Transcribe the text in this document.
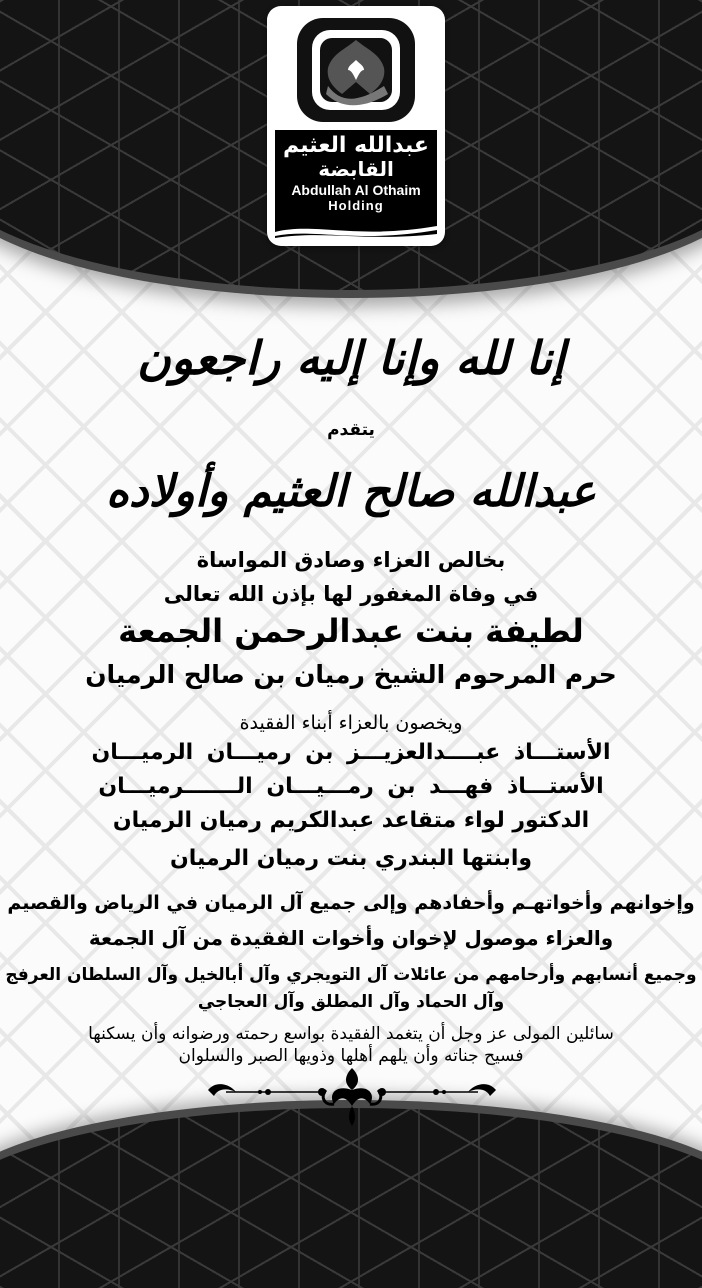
عبدالله العثيم
القابضة
Abdullah Al Othaim
Holding
إنا لله وإنا إليه راجعون
يتقدم
عبدالله صالح العثيم وأولاده
بخالص العزاء وصادق المواساة
في وفاة المغفور لها بإذن الله تعالى
لطيفة بنت عبدالرحمن الجمعة
حرم المرحوم الشيخ رميان بن صالح الرميان
ويخصون بالعزاء أبناء الفقيدة
الأستـــاذ عبــــدالعزيـــز بن رميـــان الرميـــان
الأستـــاذ فهـــد بن رمـــيـــان الـــــــرميـــان
الدكتور لواء متقاعد عبدالكريم رميان الرميان
وابنتها البندري بنت رميان الرميان
وإخوانهم وأخواتهـم وأحفادهم وإلى جميع آل الرميان في الرياض والقصيم
والعزاء موصول لإخوان وأخوات الفقيدة من آل الجمعة
وجميع أنسابهم وأرحامهم من عائلات آل التويجري وآل أبالخيل وآل السلطان العرفج
وآل الحماد وآل المطلق وآل العجاجي
سائلين المولى عز وجل أن يتغمد الفقيدة بواسع رحمته ورضوانه وأن يسكنها
فسيح جناته وأن يلهم أهلها وذويها الصبر والسلوان
